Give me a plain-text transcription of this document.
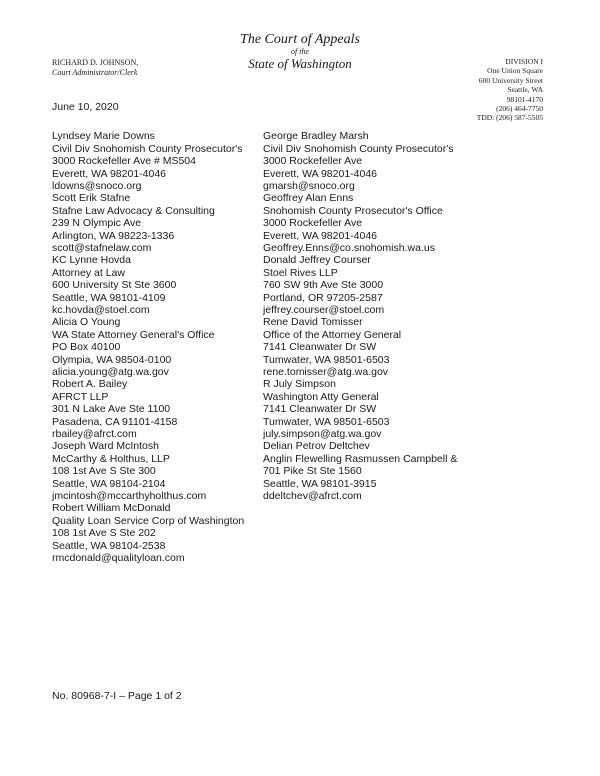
The Court of Appeals
of the
State of Washington
RICHARD D. JOHNSON,
Court Administrator/Clerk
DIVISION I
One Union Square
600 University Street
Seattle, WA
98101-4170
(206) 464-7750
TDD: (206) 587-5505
June 10, 2020
Lyndsey Marie Downs
Civil Div Snohomish County Prosecutor's
3000 Rockefeller Ave # MS504
Everett, WA 98201-4046
ldowns@snoco.org
Scott Erik Stafne
Stafne Law Advocacy & Consulting
239 N Olympic Ave
Arlington, WA 98223-1336
scott@stafnelaw.com
KC Lynne Hovda
Attorney at Law
600 University St Ste 3600
Seattle, WA 98101-4109
kc.hovda@stoel.com
Alicia O Young
WA State Attorney General's Office
PO Box 40100
Olympia, WA 98504-0100
alicia.young@atg.wa.gov
Robert A. Bailey
AFRCT LLP
301 N Lake Ave Ste 1100
Pasadena, CA 91101-4158
rbailey@afrct.com
Joseph Ward McIntosh
McCarthy & Holthus, LLP
108 1st Ave S Ste 300
Seattle, WA 98104-2104
jmcintosh@mccarthyholthus.com
Robert William McDonald
Quality Loan Service Corp of Washington
108 1st Ave S Ste 202
Seattle, WA 98104-2538
rmcdonald@qualityloan.com
George Bradley Marsh
Civil Div Snohomish County Prosecutor's
3000 Rockefeller Ave
Everett, WA 98201-4046
gmarsh@snoco.org
Geoffrey Alan Enns
Snohomish County Prosecutor's Office
3000 Rockefeller Ave
Everett, WA 98201-4046
Geoffrey.Enns@co.snohomish.wa.us
Donald Jeffrey Courser
Stoel Rives LLP
760 SW 9th Ave Ste 3000
Portland, OR 97205-2587
jeffrey.courser@stoel.com
Rene David Tomisser
Office of the Attorney General
7141 Cleanwater Dr SW
Tumwater, WA 98501-6503
rene.tomisser@atg.wa.gov
R July Simpson
Washington Atty General
7141 Cleanwater Dr SW
Tumwater, WA 98501-6503
july.simpson@atg.wa.gov
Delian Petrov Deltchev
Anglin Flewelling Rasmussen Campbell &
701 Pike St Ste 1560
Seattle, WA 98101-3915
ddeltchev@afrct.com
No. 80968-7-I – Page 1 of 2
